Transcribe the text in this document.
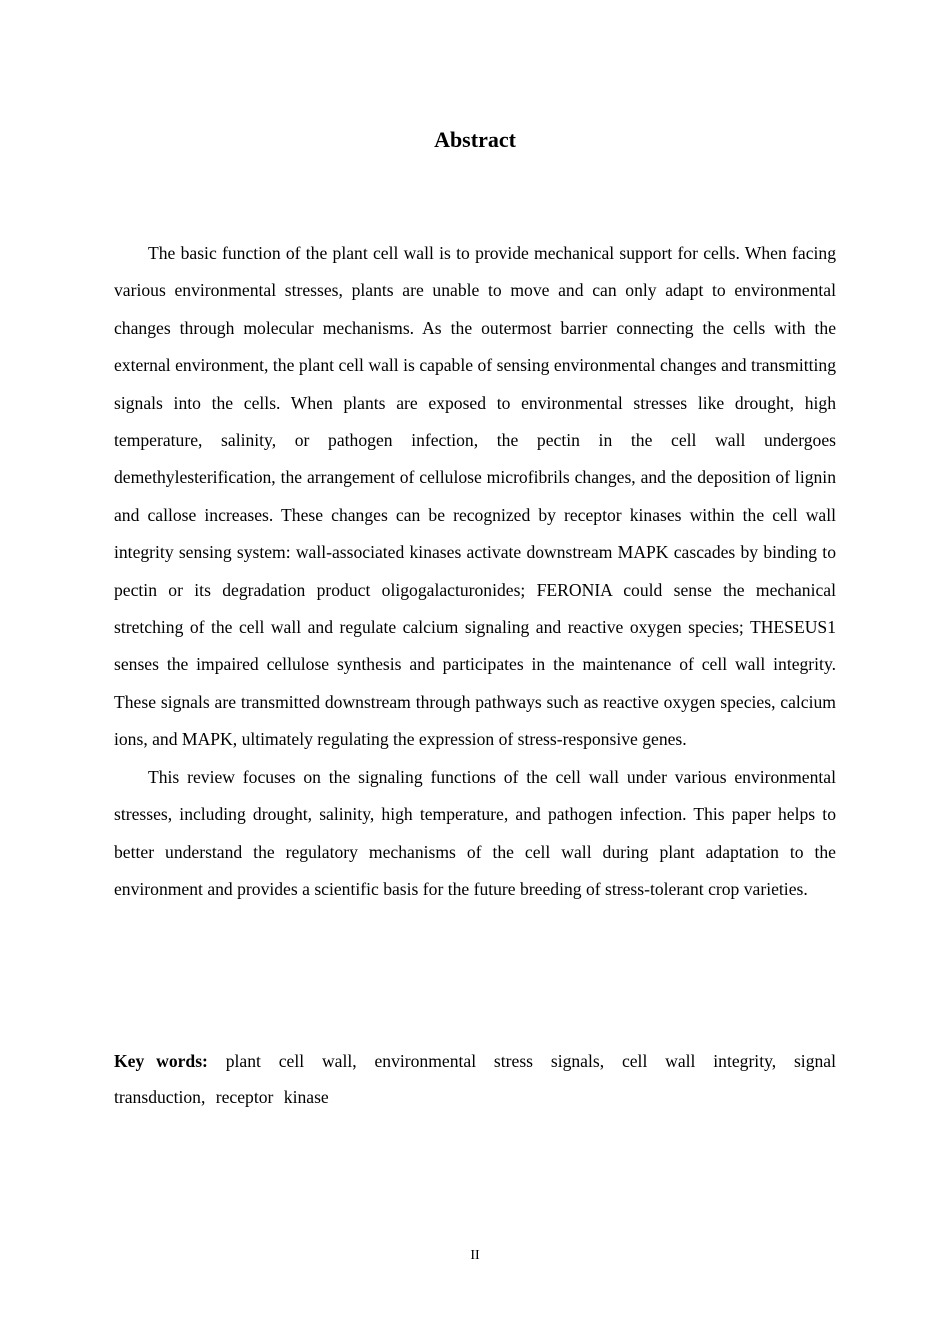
Abstract

The basic function of the plant cell wall is to provide mechanical support for cells. When facing various environmental stresses, plants are unable to move and can only adapt to environmental changes through molecular mechanisms. As the outermost barrier connecting the cells with the external environment, the plant cell wall is capable of sensing environmental changes and transmitting signals into the cells. When plants are exposed to environmental stresses like drought, high temperature, salinity, or pathogen infection, the pectin in the cell wall undergoes demethylesterification, the arrangement of cellulose microfibrils changes, and the deposition of lignin and callose increases. These changes can be recognized by receptor kinases within the cell wall integrity sensing system: wall-associated kinases activate downstream MAPK cascades by binding to pectin or its degradation product oligogalacturonides; FERONIA could sense the mechanical stretching of the cell wall and regulate calcium signaling and reactive oxygen species; THESEUS1 senses the impaired cellulose synthesis and participates in the maintenance of cell wall integrity. These signals are transmitted downstream through pathways such as reactive oxygen species, calcium ions, and MAPK, ultimately regulating the expression of stress-responsive genes.

This review focuses on the signaling functions of the cell wall under various environmental stresses, including drought, salinity, high temperature, and pathogen infection. This paper helps to better understand the regulatory mechanisms of the cell wall during plant adaptation to the environment and provides a scientific basis for the future breeding of stress-tolerant crop varieties.

Key words: plant cell wall, environmental stress signals, cell wall integrity, signal transduction, receptor kinase

II
